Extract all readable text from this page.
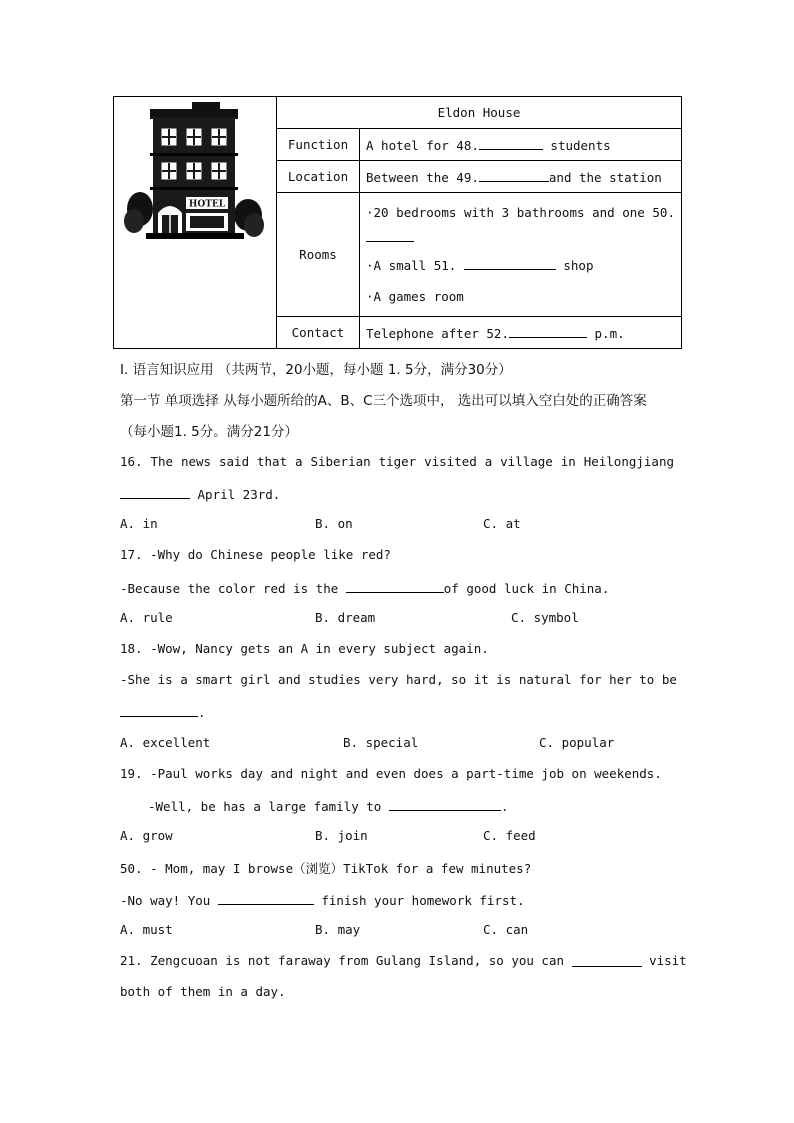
HOTEL	Eldon House	
	Function	A hotel for 48. students
	Location	Between the 49. and the station
	Rooms	·20 bedrooms with 3 bathrooms and one 50.
·A small 51. shop
·A games room

	Contact	Telephone after 52. p.m.
I. 语言知识应用 （共两节，20小题，每小题 1. 5分，满分30分）
第一节 单项选择 从每小题所给的A、B、C三个选项中， 选出可以填入空白处的正确答案
（每小题1. 5分。满分21分）
16. The news said that a Siberian tiger visited a village in Heilongjiang
April 23rd.
A. in	B. on	C. at
17. -Why do Chinese people like red?
-Because the color red is the	of good luck in China.
A. rule	B. dream	C. symbol
18. -Wow, Nancy gets an A in every subject again.
-She is a smart girl and studies very hard, so it is natural for her to be
.
A. excellent	B. special	C. popular
19. -Paul works day and night and even does a part-time job on weekends.
-Well, be has a large family to	.
A. grow	B. join	C. feed
50. - Mom, may I browse（浏览）TikTok for a few minutes?
-No way! You	finish your homework first.
A. must	B. may	C. can
21. Zengcuoan is not faraway from Gulang Island, so you can	visit
both of them in a day.
